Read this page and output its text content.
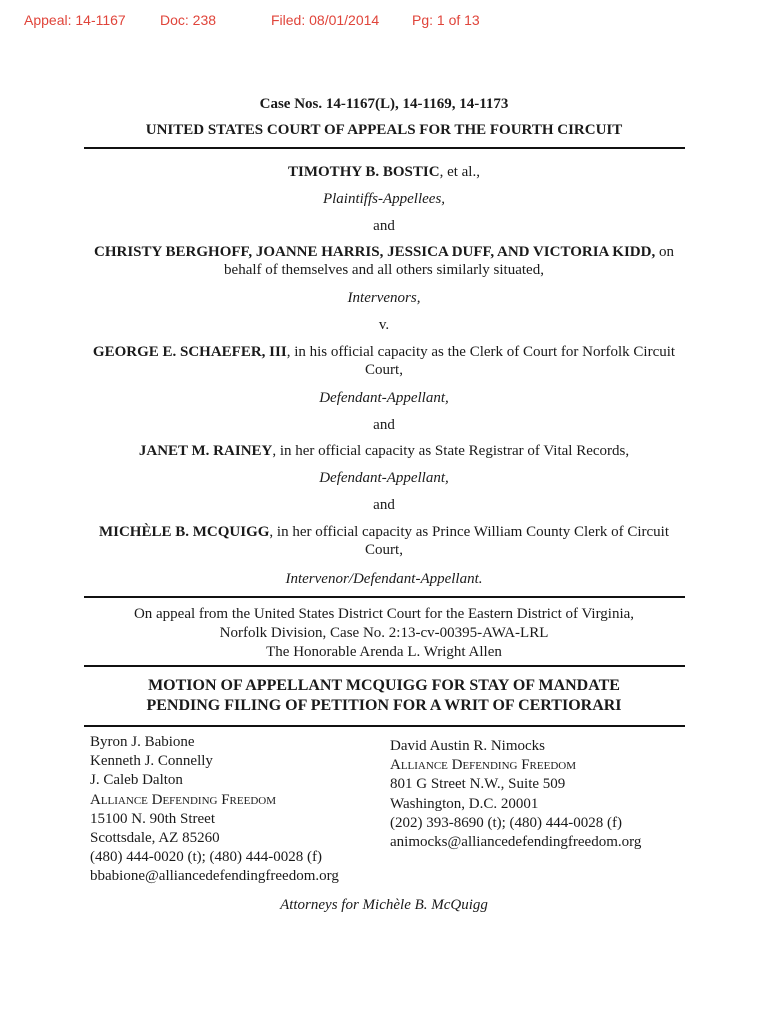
Appeal: 14-1167 Doc: 238	Filed: 08/01/2014 Pg: 1 of 13
Case Nos. 14-1167(L), 14-1169, 14-1173
UNITED STATES COURT OF APPEALS FOR THE FOURTH CIRCUIT
TIMOTHY B. BOSTIC, et al.,
Plaintiffs-Appellees,
and
CHRISTY BERGHOFF, JOANNE HARRIS, JESSICA DUFF, AND VICTORIA KIDD, on behalf of themselves and all others similarly situated,
Intervenors,
v.
GEORGE E. SCHAEFER, III, in his official capacity as the Clerk of Court for Norfolk Circuit Court,
Defendant-Appellant,
and
JANET M. RAINEY, in her official capacity as State Registrar of Vital Records,
Defendant-Appellant,
and
MICHÈLE B. MCQUIGG, in her official capacity as Prince William County Clerk of Circuit Court,
Intervenor/Defendant-Appellant.
On appeal from the United States District Court for the Eastern District of Virginia,
Norfolk Division, Case No. 2:13-cv-00395-AWA-LRL
The Honorable Arenda L. Wright Allen
MOTION OF APPELLANT MCQUIGG FOR STAY OF MANDATE
PENDING FILING OF PETITION FOR A WRIT OF CERTIORARI
Byron J. Babione
Kenneth J. Connelly
J. Caleb Dalton
Alliance Defending Freedom
15100 N. 90th Street
Scottsdale, AZ 85260
(480) 444-0020 (t); (480) 444-0028 (f)
bbabione@alliancedefendingfreedom.org
David Austin R. Nimocks
Alliance Defending Freedom
801 G Street N.W., Suite 509
Washington, D.C. 20001
(202) 393-8690 (t); (480) 444-0028 (f)
animocks@alliancedefendingfreedom.org
Attorneys for Michèle B. McQuigg
